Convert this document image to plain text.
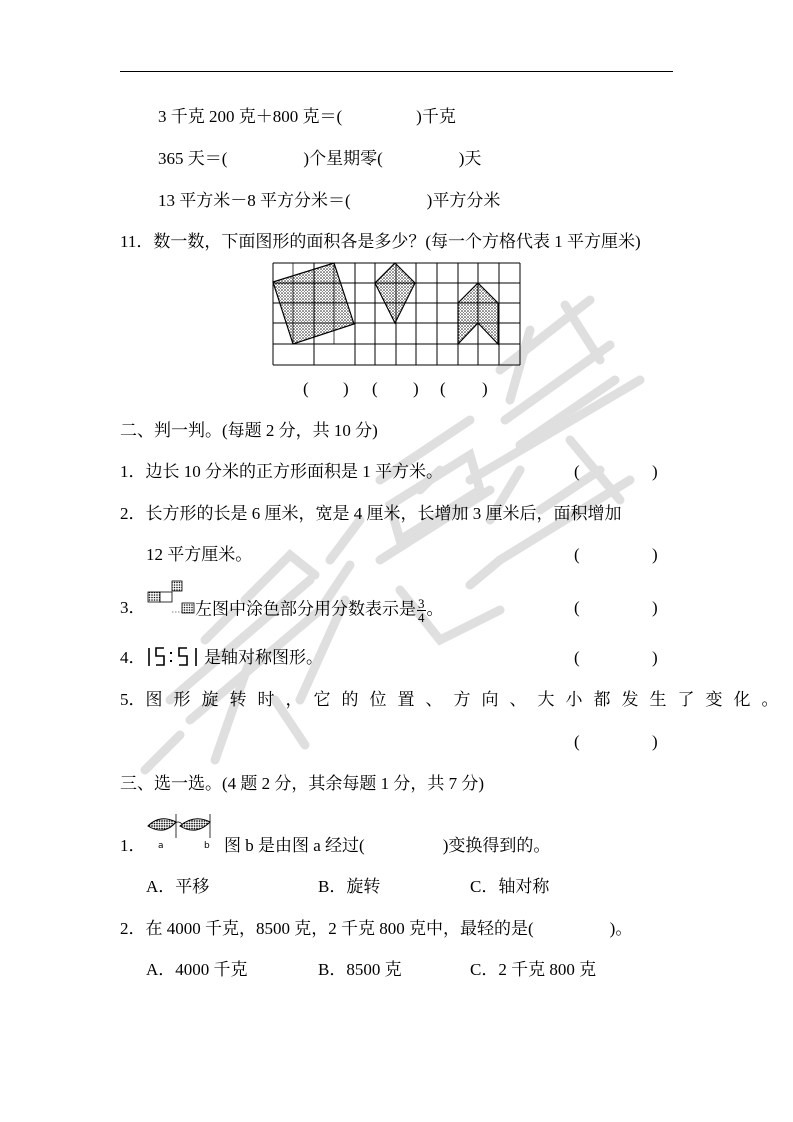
3 千克 200 克＋800 克＝(	)千克
365 天＝(	)个星期零(	)天
13 平方米－8 平方分米＝(	)平方分米
11．数一数，下面图形的面积各是多少？(每一个方格代表 1 平方厘米)
( ) ( ) ( )
二、判一判。(每题 2 分，共 10 分)
1．边长 10 分米的正方形面积是 1 平方米。	(	)
2．长方形的长是 6 厘米，宽是 4 厘米，长增加 3 厘米后，面积增加
12 平方厘米。	(	)
3．	左图中涂色部分用分数表示是 $\frac{3}{4}$ 。	(	)
4．	是轴对称图形。	(	)
5．图形旋转时，它的位置、方向、大小都发生了变化。
(	)
三、选一选。(4 题 2 分，其余每题 1 分，共 7 分)
1． a	b 图 b 是由图 a 经过(	)变换得到的。
A．平移	B．旋转	C．轴对称
2．在 4000 千克，8500 克，2 千克 800 克中，最轻的是(	)。
A．4000 千克	B．8500 克	C．2 千克 800 克
